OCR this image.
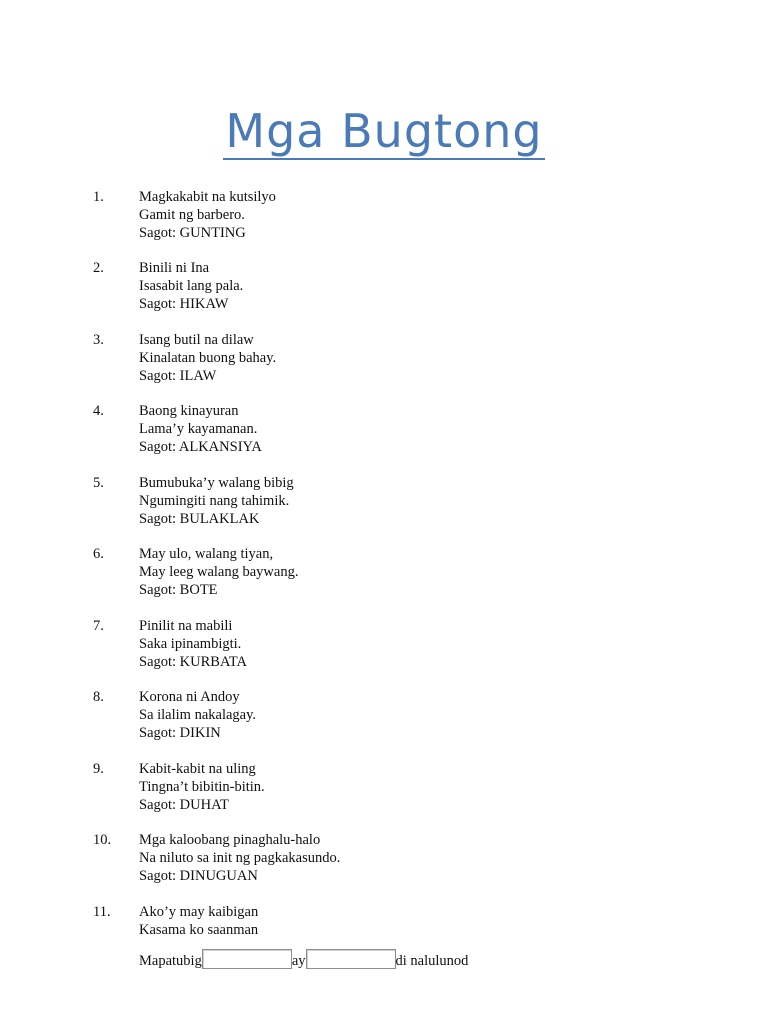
Mga Bugtong
1. Magkakabit na kutsilyo
Gamit ng barbero.
Sagot: GUNTING
2. Binili ni Ina
Isasabit lang pala.
Sagot: HIKAW
3. Isang butil na dilaw
Kinalatan buong bahay.
Sagot: ILAW
4. Baong kinayuran
Lama’y kayamanan.
Sagot: ALKANSIYA
5. Bumubuka’y walang bibig
Ngumingiti nang tahimik.
Sagot: BULAKLAK
6. May ulo, walang tiyan,
May leeg walang baywang.
Sagot: BOTE
7. Pinilit na mabili
Saka ipinambigti.
Sagot: KURBATA
8. Korona ni Andoy
Sa ilalim nakalagay.
Sagot: DIKIN
9. Kabit-kabit na uling
Tingna’t bibitin-bitin.
Sagot: DUHAT
10. Mga kaloobang pinaghalu-halo
Na niluto sa init ng pagkakasundo.
Sagot: DINUGUAN
11. Ako’y may kaibigan
Kasama ko saanman
Mapatubig	ay	di nalulunod
